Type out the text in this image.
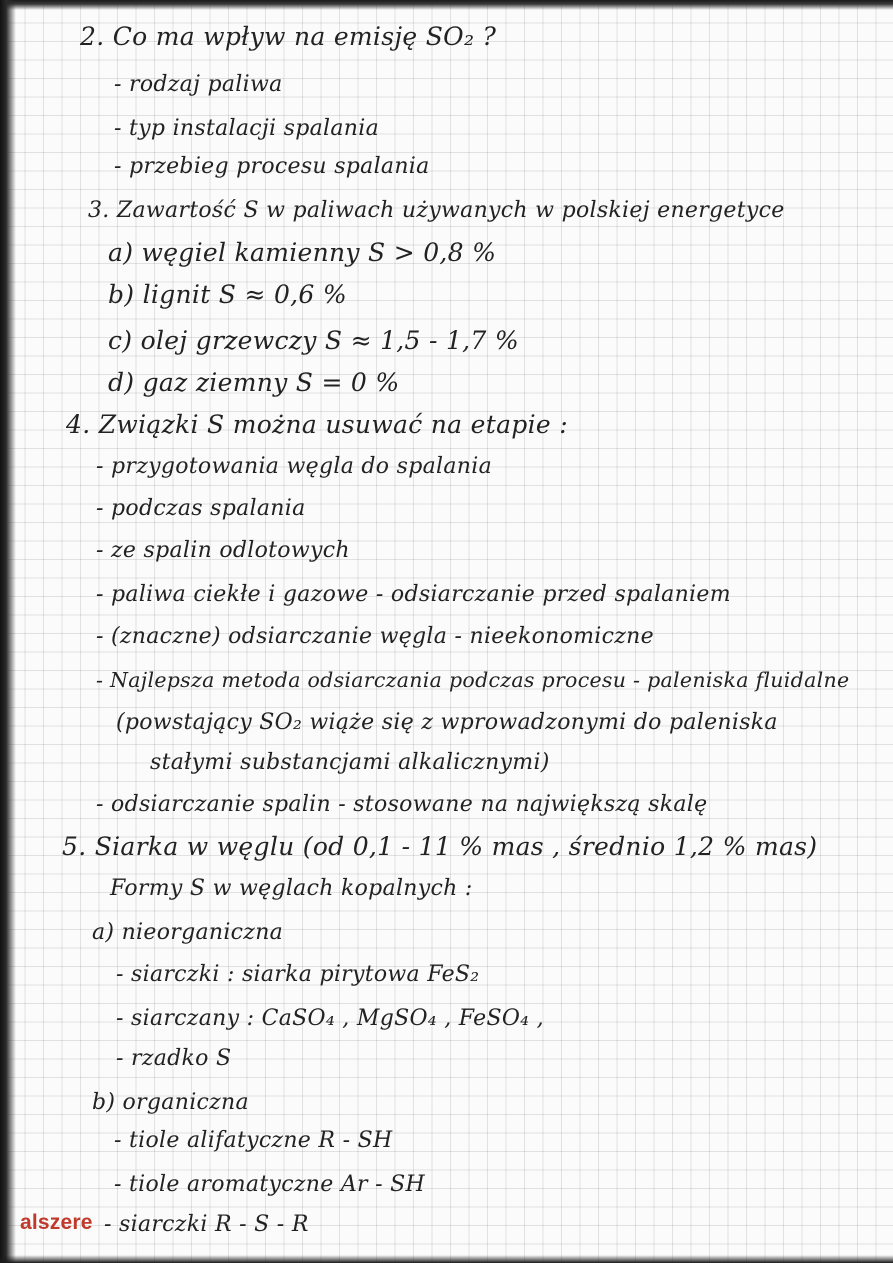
2. Co ma wpływ na emisję SO₂ ?
- rodzaj paliwa
- typ instalacji spalania
- przebieg procesu spalania
3. Zawartość S w paliwach używanych w polskiej energetyce
a) węgiel kamienny S > 0,8 %
b) lignit S ≈ 0,6 %
c) olej grzewczy S ≈ 1,5 - 1,7 %
d) gaz ziemny S = 0 %
4. Związki S można usuwać na etapie :
- przygotowania węgla do spalania
- podczas spalania
- ze spalin odlotowych
- paliwa ciekłe i gazowe - odsiarczanie przed spalaniem
- (znaczne) odsiarczanie węgla - nieekonomiczne
- Najlepsza metoda odsiarczania podczas procesu - paleniska fluidalne
(powstający SO₂ wiąże się z wprowadzonymi do paleniska
stałymi substancjami alkalicznymi)
- odsiarczanie spalin - stosowane na największą skalę
5. Siarka w węglu (od 0,1 - 11 % mas , średnio 1,2 % mas)
Formy S w węglach kopalnych :
a) nieorganiczna
- siarczki : siarka pirytowa FeS₂
- siarczany : CaSO₄ , MgSO₄ , FeSO₄ ,
- rzadko S
b) organiczna
- tiole alifatyczne R - SH
- tiole aromatyczne Ar - SH
- siarczki R - S - R
alszere
